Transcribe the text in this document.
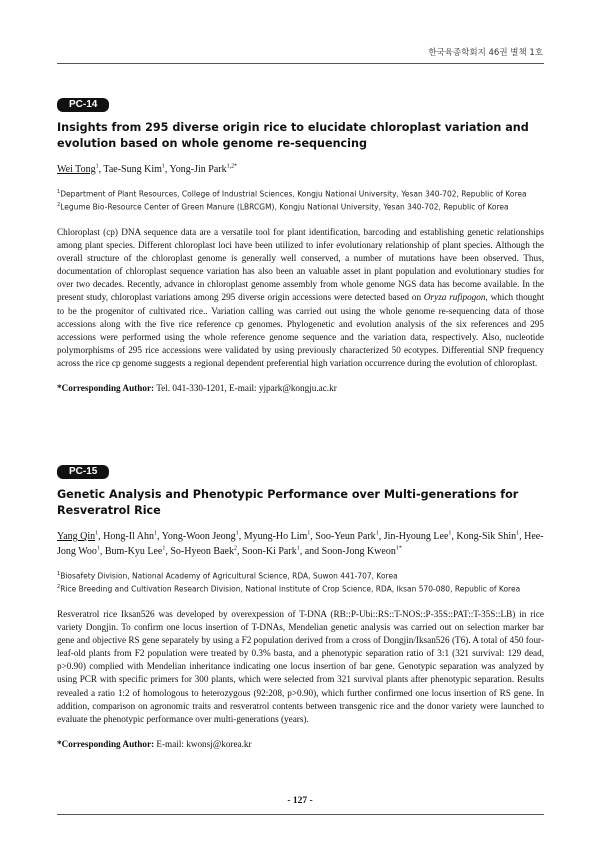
한국육종학회지 46권 별책 1호
PC-14

Insights from 295 diverse origin rice to elucidate chloroplast variation and evolution based on whole genome re-sequencing

Wei Tong$^1$, Tae-Sung Kim$^1$, Yong-Jin Park$^{1,2*}$

$^1$Department of Plant Resources, College of Industrial Sciences, Kongju National University, Yesan 340-702, Republic of Korea

$^2$Legume Bio-Resource Center of Green Manure (LBRCGM), Kongju National University, Yesan 340-702, Republic of Korea

Chloroplast (cp) DNA sequence data are a versatile tool for plant identification, barcoding and establishing genetic relationships among plant species. Different chloroplast loci have been utilized to infer evolutionary relationship of plant species. Although the overall structure of the chloroplast genome is generally well conserved, a number of mutations have been observed. Thus, documentation of chloroplast sequence variation has also been an valuable asset in plant population and evolutionary studies for over two decades. Recently, advance in chloroplast genome assembly from whole genome NGS data has become available. In the present study, chloroplast variations among 295 diverse origin accessions were detected based on Oryza rufipogon, which thought to be the progenitor of cultivated rice.. Variation calling was carried out using the whole genome re-sequencing data of those accessions along with the five rice reference cp genomes. Phylogenetic and evolution analysis of the six references and 295 accessions were performed using the whole reference genome sequence and the variation data, respectively. Also, nucleotide polymorphisms of 295 rice accessions were validated by using previously characterized 50 ecotypes. Differential SNP frequency across the rice cp genome suggests a regional dependent preferential high variation occurrence during the evolution of chloroplast.

*Corresponding Author: Tel. 041-330-1201, E-mail: yjpark@kongju.ac.kr

PC-15

Genetic Analysis and Phenotypic Performance over Multi-generations for Resveratrol Rice

Yang Qin$^1$, Hong-Il Ahn$^1$, Yong-Woon Jeong$^1$, Myung-Ho Lim$^1$, Soo-Yeun Park$^1$, Jin-Hyoung Lee$^1$, Kong-Sik Shin$^1$, Hee-Jong Woo$^1$, Bum-Kyu Lee$^1$, So-Hyeon Baek$^2$, Soon-Ki Park$^1$, and Soon-Jong Kweon$^{1*}$

$^1$Biosafety Division, National Academy of Agricultural Science, RDA, Suwon 441-707, Korea

$^2$Rice Breeding and Cultivation Research Division, National Institute of Crop Science, RDA, Iksan 570-080, Republic of Korea

Resveratrol rice Iksan526 was developed by overexpession of T-DNA (RB::P-Ubi::RS::T-NOS::P-35S::PAT::T-35S::LB) in rice variety Dongjin. To confirm one locus insertion of T-DNAs, Mendelian genetic analysis was carried out on selection marker bar gene and objective RS gene separately by using a F2 population derived from a cross of Dongjin/Iksan526 (T6). A total of 450 four-leaf-old plants from F2 population were treated by 0.3% basta, and a phenotypic separation ratio of 3:1 (321 survival: 129 dead, p>0.90) complied with Mendelian inheritance indicating one locus insertion of bar gene. Genotypic separation was analyzed by using PCR with specific primers for 300 plants, which were selected from 321 survival plants after phenotypic separation. Results revealed a ratio 1:2 of homologous to heterozygous (92:208, p>0.90), which further confirmed one locus insertion of RS gene. In addition, comparison on agronomic traits and resveratrol contents between transgenic rice and the donor variety were launched to evaluate the phenotypic performance over multi-generations (years).

*Corresponding Author: E-mail: kwonsj@korea.kr

- 127 -
